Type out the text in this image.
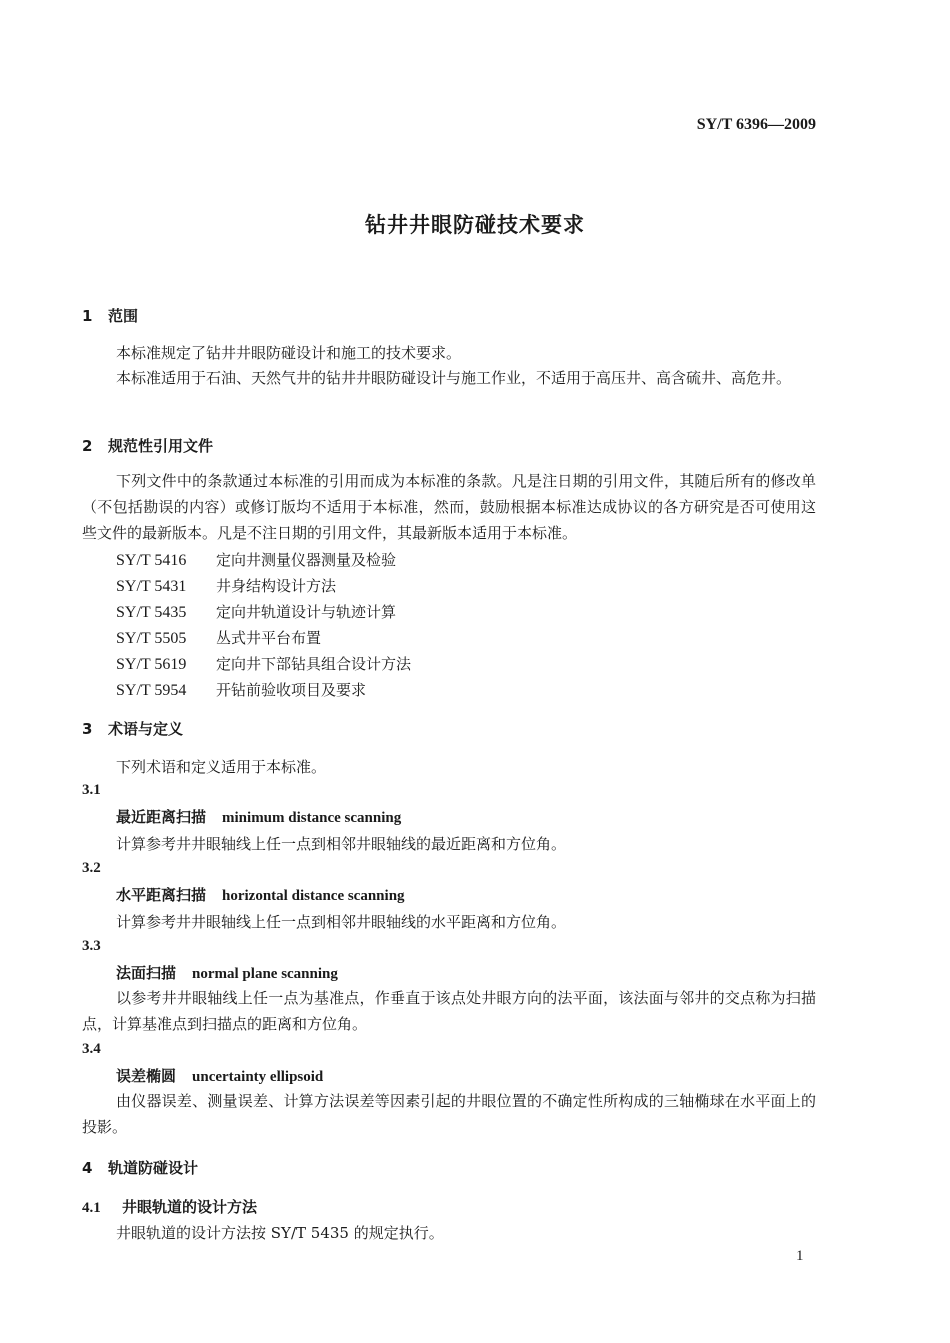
SY/T 6396—2009
钻井井眼防碰技术要求
1 范围
本标准规定了钻井井眼防碰设计和施工的技术要求。
本标准适用于石油、天然气井的钻井井眼防碰设计与施工作业，不适用于高压井、高含硫井、高危井。
2 规范性引用文件
下列文件中的条款通过本标准的引用而成为本标准的条款。凡是注日期的引用文件，其随后所有的修改单（不包括勘误的内容）或修订版均不适用于本标准，然而，鼓励根据本标准达成协议的各方研究是否可使用这些文件的最新版本。凡是不注日期的引用文件，其最新版本适用于本标准。
SY/T 5416 定向井测量仪器测量及检验
SY/T 5431 井身结构设计方法
SY/T 5435 定向井轨道设计与轨迹计算
SY/T 5505 丛式井平台布置
SY/T 5619 定向井下部钻具组合设计方法
SY/T 5954 开钻前验收项目及要求
3 术语与定义
下列术语和定义适用于本标准。
3.1
最近距离扫描 minimum distance scanning
计算参考井井眼轴线上任一点到相邻井眼轴线的最近距离和方位角。
3.2
水平距离扫描 horizontal distance scanning
计算参考井井眼轴线上任一点到相邻井眼轴线的水平距离和方位角。
3.3
法面扫描 normal plane scanning
以参考井井眼轴线上任一点为基准点，作垂直于该点处井眼方向的法平面，该法面与邻井的交点称为扫描点，计算基准点到扫描点的距离和方位角。
3.4
误差椭圆 uncertainty ellipsoid
由仪器误差、测量误差、计算方法误差等因素引起的井眼位置的不确定性所构成的三轴椭球在水平面上的投影。
4 轨道防碰设计
4.1 井眼轨道的设计方法
井眼轨道的设计方法按 SY/T 5435 的规定执行。
1
